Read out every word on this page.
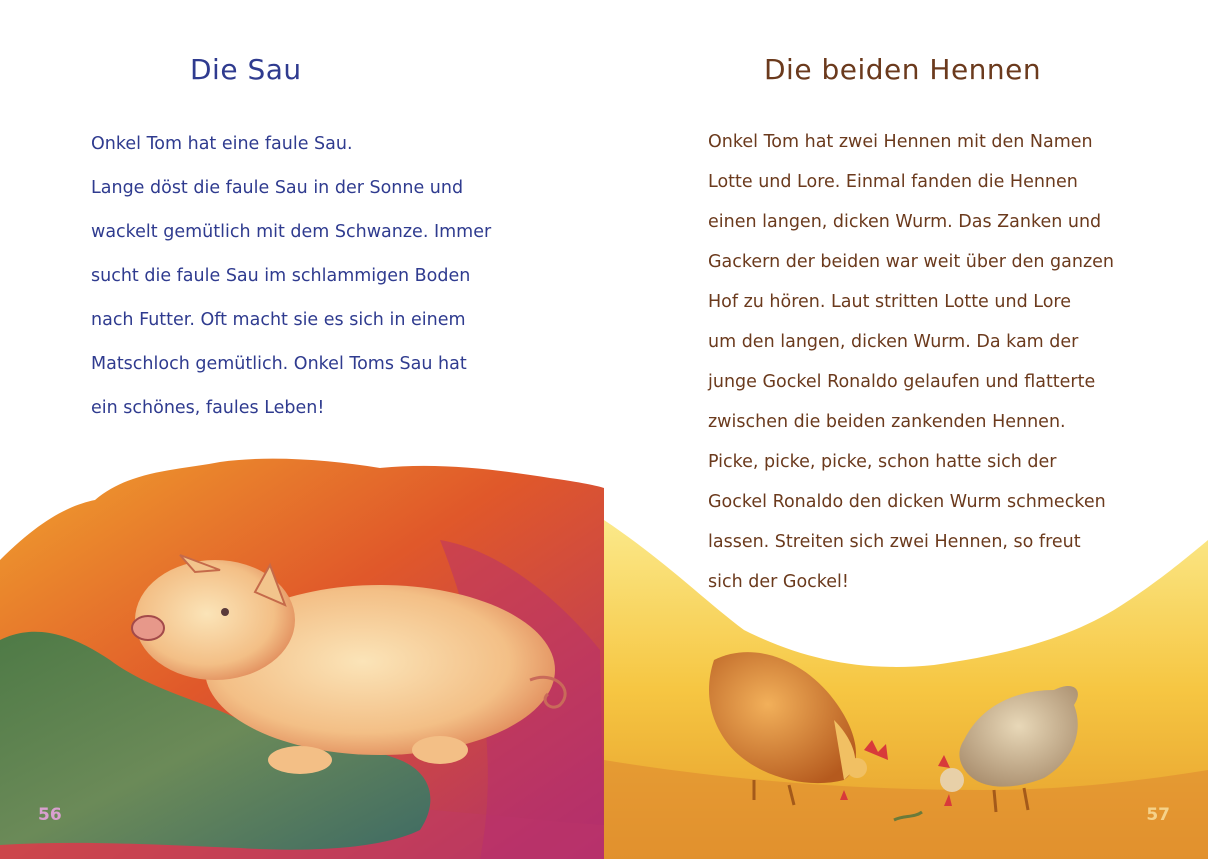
Die Sau
Onkel Tom hat eine faule Sau.
Lange döst die faule Sau in der Sonne und
wackelt gemütlich mit dem Schwanze. Immer
sucht die faule Sau im schlammigen Boden
nach Futter. Oft macht sie es sich in einem
Matschloch gemütlich. Onkel Toms Sau hat
ein schönes, faules Leben!
56
Die beiden Hennen
Onkel Tom hat zwei Hennen mit den Namen
Lotte und Lore. Einmal fanden die Hennen
einen langen, dicken Wurm. Das Zanken und
Gackern der beiden war weit über den ganzen
Hof zu hören. Laut stritten Lotte und Lore
um den langen, dicken Wurm. Da kam der
junge Gockel Ronaldo gelaufen und flatterte
zwischen die beiden zankenden Hennen.
Picke, picke, picke, schon hatte sich der
Gockel Ronaldo den dicken Wurm schmecken
lassen. Streiten sich zwei Hennen, so freut
sich der Gockel!
57
